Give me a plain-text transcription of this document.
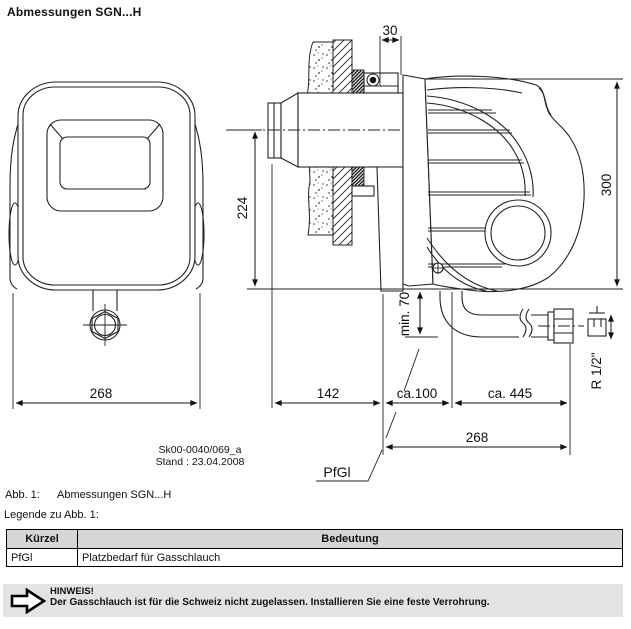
Abmessungen SGN...H
268
30
224
300
min. 70
142	ca.100	ca. 445
268
R 1/2"
PfGl
Sk00-0040/069_a
Stand : 23.04.2008
Abb. 1: Abmessungen SGN...H
Legende zu Abb. 1:
Kürzel	Bedeutung
PfGl	Platzbedarf für Gasschlauch
HINWEIS!
Der Gasschlauch ist für die Schweiz nicht zugelassen. Installieren Sie eine feste Verrohrung.
